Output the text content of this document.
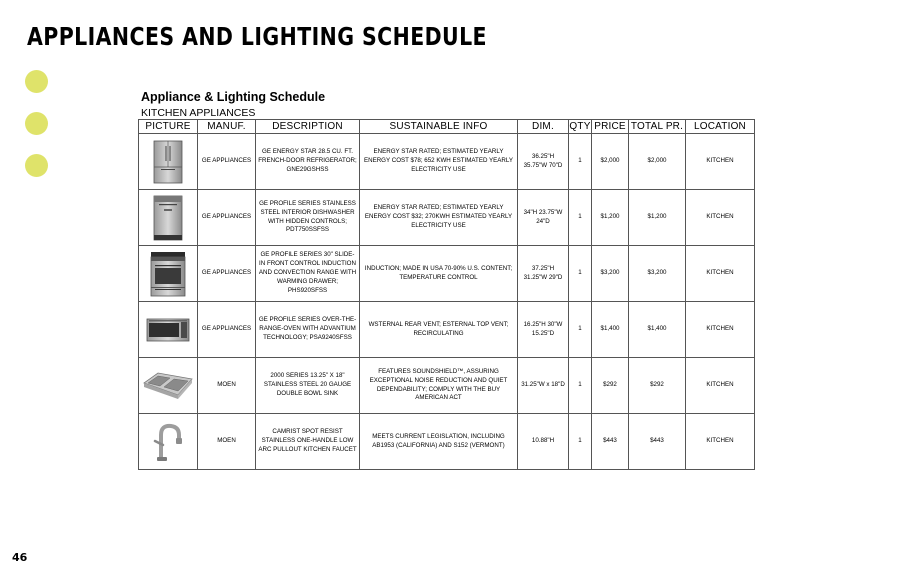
APPLIANCES AND LIGHTING SCHEDULE
Appliance & Lighting Schedule
KITCHEN APPLIANCES
PICTURE	MANUF.	DESCRIPTION	SUSTAINABLE INFO	DIM.	QTY	PRICE	TOTAL PR.	LOCATION

	GE APPLIANCES	GE ENERGY STAR 28.5 CU. FT. FRENCH-DOOR REFRIGERATOR; GNE29GSHSS	ENERGY STAR RATED; ESTIMATED YEARLY ENERGY COST $78; 652 KWH ESTIMATED YEARLY ELECTRICITY USE	36.25"H 35.75"W 70"D	1	$2,000	$2,000	KITCHEN

	GE APPLIANCES	GE PROFILE SERIES STAINLESS STEEL INTERIOR DISHWASHER WITH HIDDEN CONTROLS; PDT750SSFSS	ENERGY STAR RATED; ESTIMATED YEARLY ENERGY COST $32; 270KWH ESTIMATED YEARLY ELECTRICITY USE	34"H 23.75"W 24"D	1	$1,200	$1,200	KITCHEN

	GE APPLIANCES	GE PROFILE SERIES 30" SLIDE-IN FRONT CONTROL INDUCTION AND CONVECTION RANGE WITH WARMING DRAWER; PHS920SFSS	INDUCTION; MADE IN USA 70-90% U.S. CONTENT; TEMPERATURE CONTROL	37.25"H 31.25"W 29"D	1	$3,200	$3,200	KITCHEN

	GE APPLIANCES	GE PROFILE SERIES OVER-THE-RANGE-OVEN WITH ADVANTIUM TECHNOLOGY; PSA9240SFSS	WSTERNAL REAR VENT; ESTERNAL TOP VENT; RECIRCULATING	16.25"H 30"W 15.25"D	1	$1,400	$1,400	KITCHEN

	MOEN	2000 SERIES 13.25" X 18" STAINLESS STEEL 20 GAUGE DOUBLE BOWL SINK	FEATURES SOUNDSHIELD™, ASSURING EXCEPTIONAL NOISE REDUCTION AND QUIET DEPENDABILITY; COMPLY WITH THE BUY AMERICAN ACT	31.25"W x 18"D	1	$292	$292	KITCHEN

	MOEN	CAMRIST SPOT RESIST STAINLESS ONE-HANDLE LOW ARC PULLOUT KITCHEN FAUCET	MEETS CURRENT LEGISLATION, INCLUDING AB1953 (CALIFORNIA) AND S152 (VERMONT)	10.88"H	1	$443	$443	KITCHEN
46
